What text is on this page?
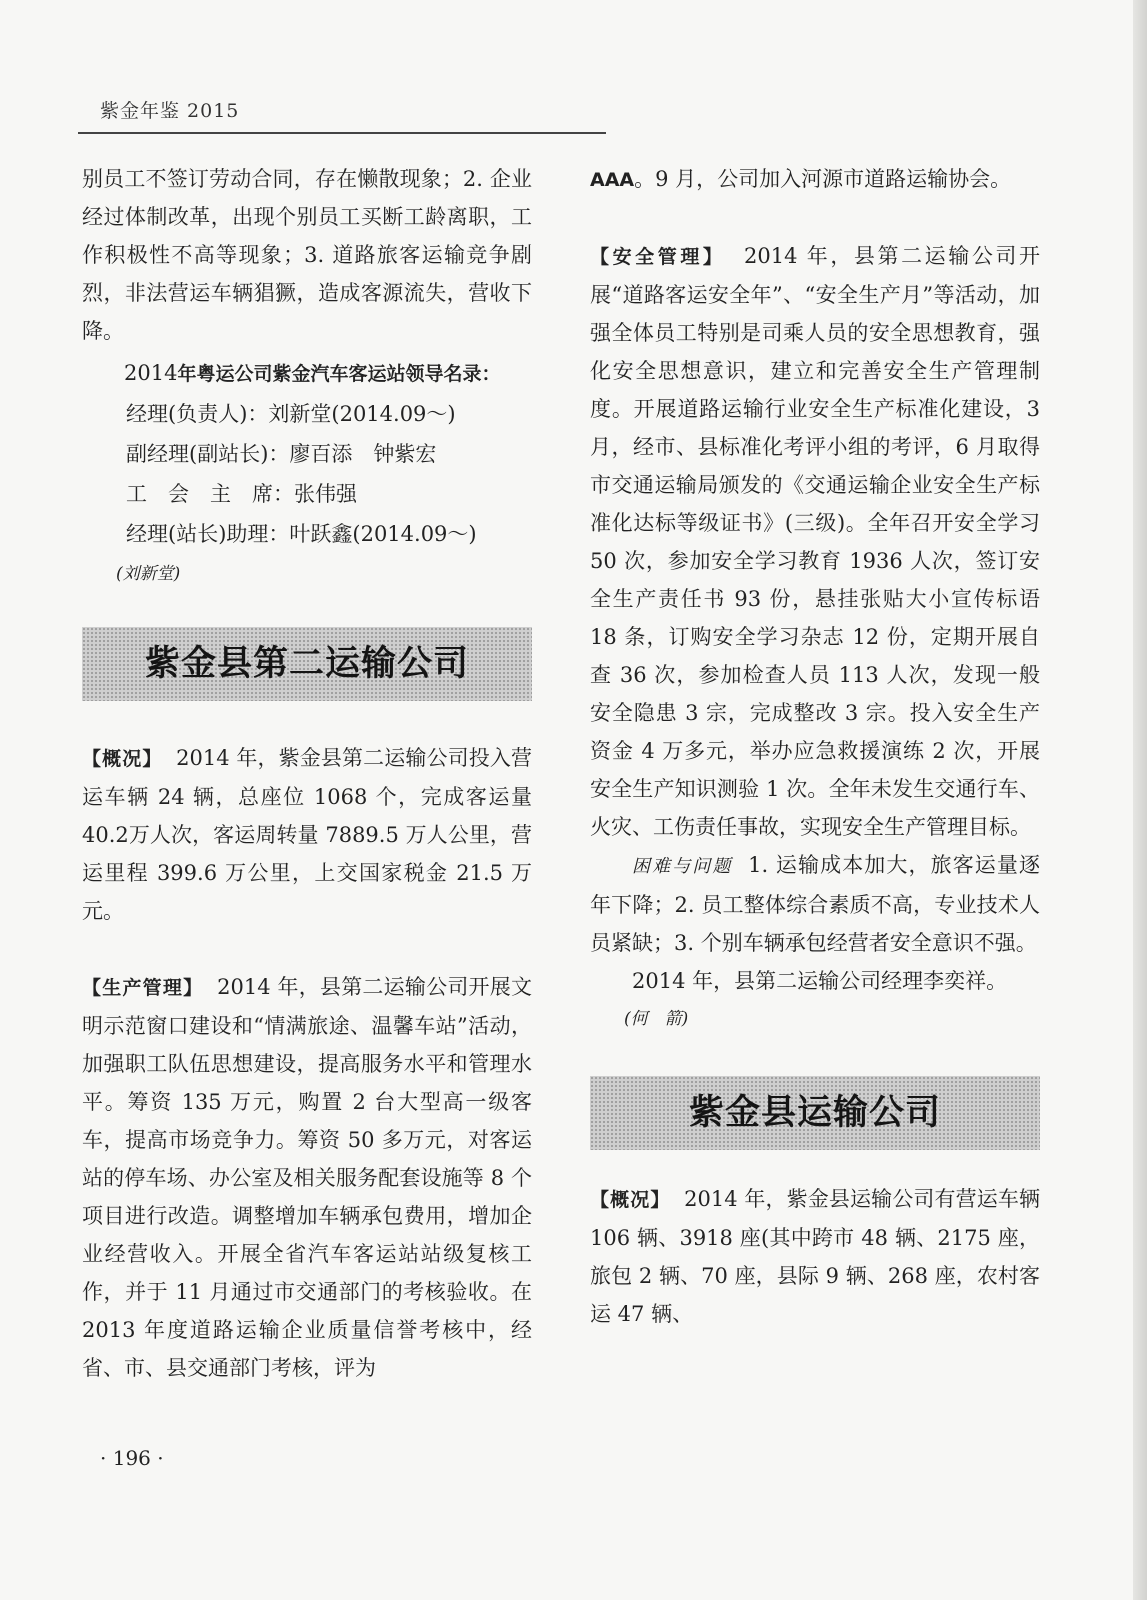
紫金年鉴 2015

别员工不签订劳动合同，存在懒散现象；2. 企业经过体制改革，出现个别员工买断工龄离职，工作积极性不高等现象；3. 道路旅客运输竞争剧烈，非法营运车辆猖獗，造成客源流失，营收下降。

2014年粤运公司紫金汽车客运站领导名录：

经理(负责人)：刘新堂(2014.09～)
副经理(副站长)：廖百添　钟紫宏
工　会　主　席：张伟强
经理(站长)助理：叶跃鑫(2014.09～)

(刘新堂)

紫金县第二运输公司

【概况】 2014 年，紫金县第二运输公司投入营运车辆 24 辆，总座位 1068 个，完成客运量 40.2万人次，客运周转量 7889.5 万人公里，营运里程 399.6 万公里，上交国家税金 21.5 万元。

【生产管理】 2014 年，县第二运输公司开展文明示范窗口建设和“情满旅途、温馨车站”活动，加强职工队伍思想建设，提高服务水平和管理水平。筹资 135 万元，购置 2 台大型高一级客车，提高市场竞争力。筹资 50 多万元，对客运站的停车场、办公室及相关服务配套设施等 8 个项目进行改造。调整增加车辆承包费用，增加企业经营收入。开展全省汽车客运站站级复核工作，并于 11 月通过市交通部门的考核验收。在 2013 年度道路运输企业质量信誉考核中，经省、市、县交通部门考核，评为

AAA。9 月，公司加入河源市道路运输协会。

【安全管理】 2014 年，县第二运输公司开展“道路客运安全年”、“安全生产月”等活动，加强全体员工特别是司乘人员的安全思想教育，强化安全思想意识，建立和完善安全生产管理制度。开展道路运输行业安全生产标准化建设，3 月，经市、县标准化考评小组的考评，6 月取得市交通运输局颁发的《交通运输企业安全生产标准化达标等级证书》(三级)。全年召开安全学习 50 次，参加安全学习教育 1936 人次，签订安全生产责任书 93 份，悬挂张贴大小宣传标语 18 条，订购安全学习杂志 12 份，定期开展自查 36 次，参加检查人员 113 人次，发现一般安全隐患 3 宗，完成整改 3 宗。投入安全生产资金 4 万多元，举办应急救援演练 2 次，开展安全生产知识测验 1 次。全年未发生交通行车、火灾、工伤责任事故，实现安全生产管理目标。

困难与问题 1. 运输成本加大，旅客运量逐年下降；2. 员工整体综合素质不高，专业技术人员紧缺；3. 个别车辆承包经营者安全意识不强。

2014 年，县第二运输公司经理李奕祥。

(何　箭)

紫金县运输公司

【概况】 2014 年，紫金县运输公司有营运车辆 106 辆、3918 座(其中跨市 48 辆、2175 座，旅包 2 辆、70 座，县际 9 辆、268 座，农村客运 47 辆、

· 196 ·
